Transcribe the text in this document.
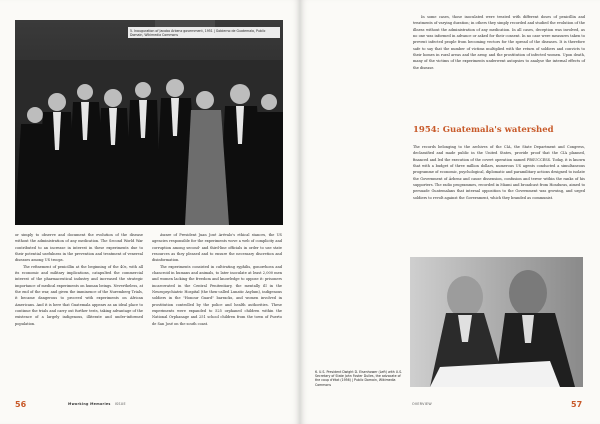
5. Inauguration of Jacobo Arbenz government, 1951 | Gobierno de Guatemala, Public Domain, Wikimedia Commons

or simply to observe and document the evolution of the disease without the administration of any medication. The Second World War contributed to an increase in interest in these experiments due to their potential usefulness in the prevention and treatment of venereal diseases among US troops.

The refinement of penicillin at the beginning of the 40s, with all its economic and military implications, catapulted the commercial interest of the pharmaceutical industry and increased the strategic importance of medical experiments on human beings. Nevertheless, at the end of the war, and given the imminence of the Nuremberg Trials, it became dangerous to proceed with experiments on African Americans. And it is here that Guatemala appears as an ideal place to continue the trials and carry out further tests, taking advantage of the existence of a largely indigenous, illiterate and under-informed population.

Aware of President Juan José Arévalo's ethical stances, the US agencies responsible for the experiments wove a web of complicity and corruption among second- and third-line officials in order to use state resources as they pleased and to ensure the necessary discretion and disinformation.

The experiments consisted in cultivating syphilis, gonorrhoea and chancroid in humans and animals, to later inoculate at least 2,000 men and women lacking the freedom and knowledge to oppose it: prisoners incarcerated in the Central Penitentiary, the mentally ill in the Neuropsychiatric Hospital (the then-called Lunatic Asylum), indigenous soldiers in the "Honour Guard" barracks, and women involved in prostitution controlled by the police and health authorities. These experiments were expanded to 525 orphaned children within the National Orphanage and 251 school children from the town of Puerto de San José on the south coast.

56	Mworking Memories ISSUE

In some cases, those inoculated were treated with different doses of penicillin and treatments of varying duration; in others they simply recorded and studied the evolution of the illness without the administration of any medication. In all cases, deception was involved, as no one was informed in advance or asked for their consent. In no case were measures taken to prevent infected people from becoming vectors for the spread of the diseases. It is therefore safe to say that the number of victims multiplied with the return of soldiers and convicts to their homes in rural areas and the army, and the prostitution of infected women. Upon death, many of the victims of the experiments underwent autopsies to analyse the internal effects of the disease.

1954: Guatemala's watershed

The records belonging to the archives of the CIA, the State Department and Congress, declassified and made public in the United States, provide proof that the CIA planned, financed and led the execution of the covert operation named PBSUCCESS. Today, it is known that with a budget of three million dollars, numerous US agents conducted a simultaneous programme of economic, psychological, diplomatic and paramilitary actions designed to isolate the Government of Árbenz and cause dissension, confusion and terror within the ranks of his supporters. The radio programmes, recorded in Miami and broadcast from Honduras, aimed to persuade Guatemalans that internal opposition to the Government was growing, and urged soldiers to revolt against the Government, which they branded as communist.

6. U.S. President Dwight D. Eisenhower (Left) with U.S. Secretary of State John Foster Dulles, the advocate of the coup d'état (1956) | Public Domain, Wikimedia Commons
OVERVIEW	57
